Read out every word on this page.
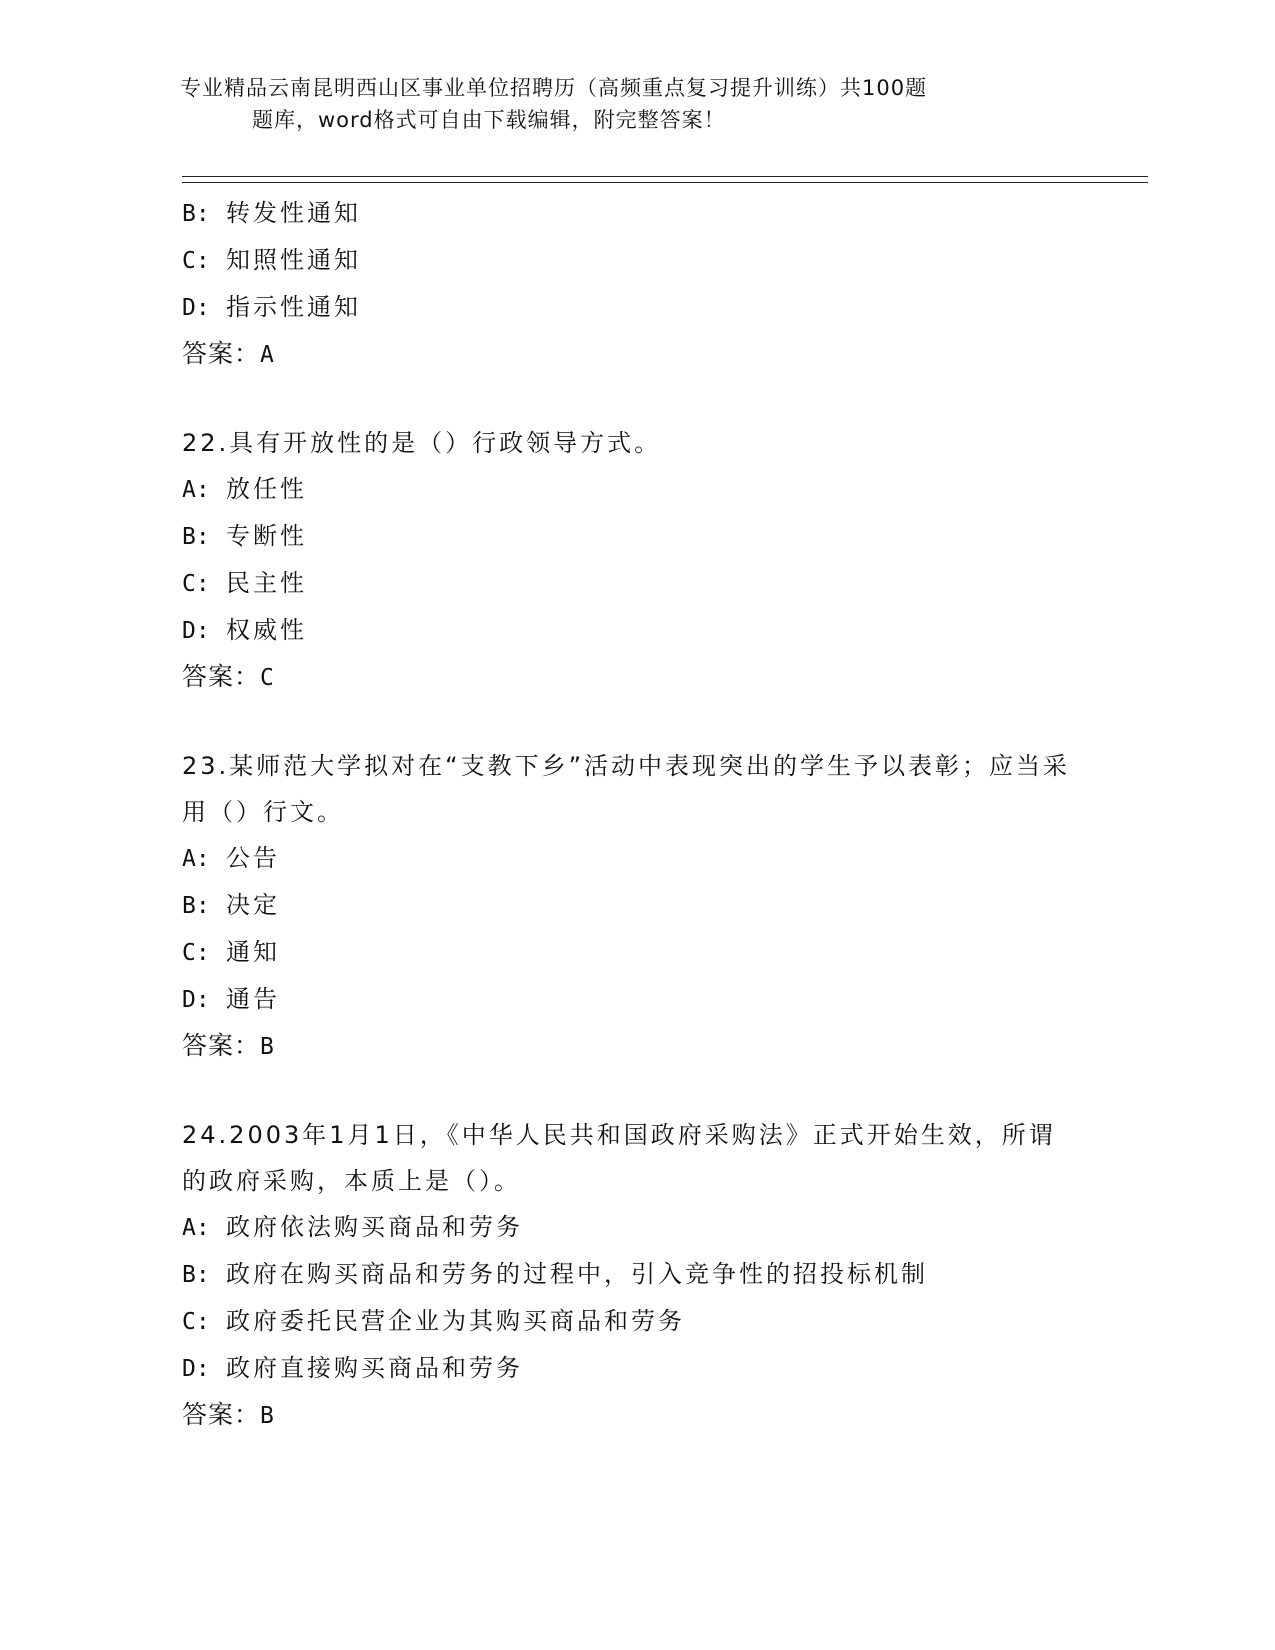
专业精品云南昆明西山区事业单位招聘历（高频重点复习提升训练）共100题
题库，word格式可自由下载编辑，附完整答案！
B: 转发性通知
C: 知照性通知
D: 指示性通知
答案：A
22.具有开放性的是（）行政领导方式。
A: 放任性
B: 专断性
C: 民主性
D: 权威性
答案：C
23.某师范大学拟对在“支教下乡”活动中表现突出的学生予以表彰；应当采用（）行文。
A: 公告
B: 决定
C: 通知
D: 通告
答案：B
24.2003年1月1日，《中华人民共和国政府采购法》正式开始生效，所谓的政府采购，本质上是（）。
A: 政府依法购买商品和劳务
B: 政府在购买商品和劳务的过程中，引入竞争性的招投标机制
C: 政府委托民营企业为其购买商品和劳务
D: 政府直接购买商品和劳务
答案：B
